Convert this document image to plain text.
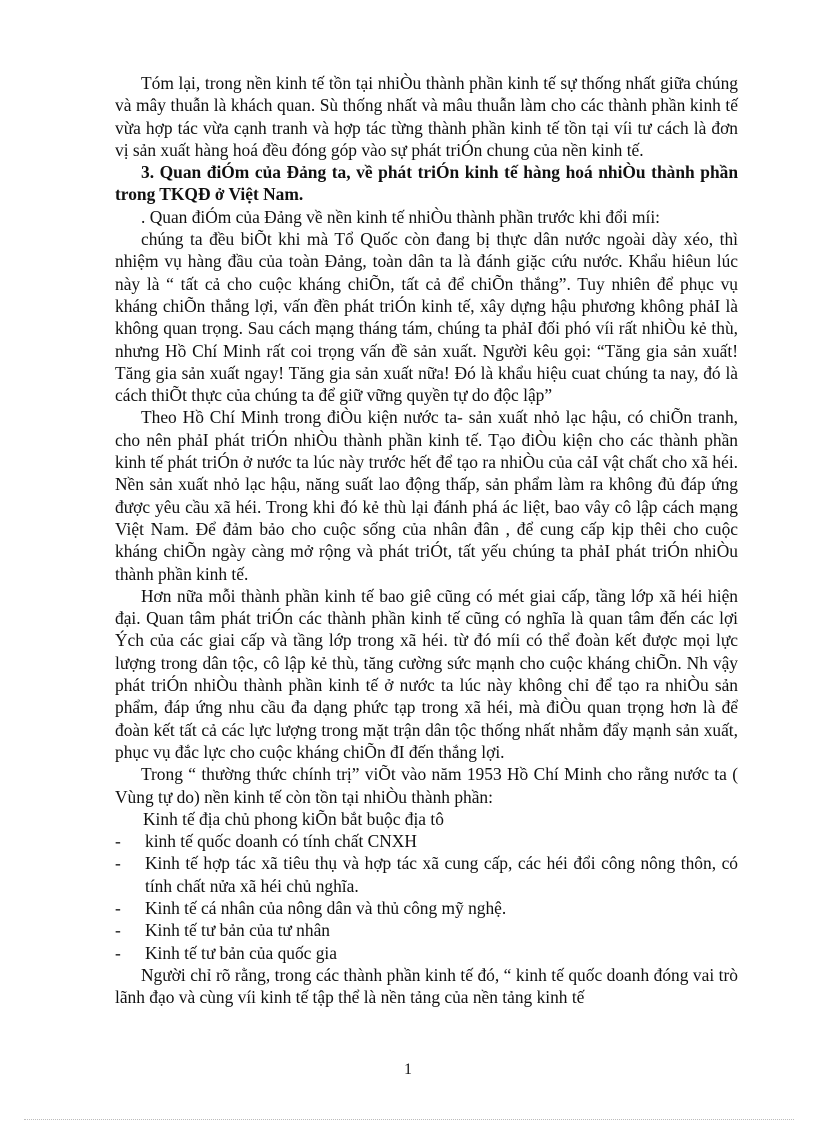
Tóm lại, trong nền kinh tế tồn tại nhiÒu thành phần kinh tế sự thống nhất giữa chúng và mây thuẫn là khách quan. Sù thống nhất và mâu thuẫn làm cho các thành phần kinh tế vừa hợp tác vừa cạnh tranh và hợp tác từng thành phần kinh tế tồn tại víi tư cách là đơn vị sản xuất hàng hoá đều đóng góp vào sự phát triÓn chung của nền kinh tế.

3. Quan điÓm của Đảng ta, về phát triÓn kinh tế hàng hoá nhiÒu thành phần trong TKQĐ ở Việt Nam.

. Quan điÓm của Đảng về nền kinh tế nhiÒu thành phần trước khi đổi míi:

chúng ta đều biÕt khi mà Tổ Quốc còn đang bị thực dân nước ngoài dày xéo, thì nhiệm vụ hàng đầu của toàn Đảng, toàn dân ta là đánh giặc cứu nước. Khẩu hiêun lúc này là “ tất cả cho cuộc kháng chiÕn, tất cả để chiÕn thắng”. Tuy nhiên để phục vụ kháng chiÕn thắng lợi, vấn đền phát triÓn kinh tế, xây dựng hậu phương không phảI là không quan trọng. Sau cách mạng tháng tám, chúng ta phảI đối phó víi rất nhiÒu kẻ thù, nhưng Hồ Chí Minh rất coi trọng vấn đề sản xuất. Người kêu gọi: “Tăng gia sản xuất! Tăng gia sản xuất ngay! Tăng gia sản xuất nữa! Đó là khẩu hiệu cuat chúng ta nay, đó là cách thiÕt thực của chúng ta để giữ vững quyền tự do độc lập”

Theo Hồ Chí Minh trong điÒu kiện nước ta- sản xuất nhỏ lạc hậu, có chiÕn tranh, cho nên phảI phát triÓn nhiÒu thành phần kinh tế. Tạo điÒu kiện cho các thành phần kinh tế phát triÓn ở nước ta lúc này trước hết để tạo ra nhiÒu của cảI vật chất cho xã héi. Nền sản xuất nhỏ lạc hậu, năng suất lao động thấp, sản phẩm làm ra không đủ đáp ứng được yêu cầu xã héi. Trong khi đó kẻ thù lại đánh phá ác liệt, bao vây cô lập cách mạng Việt Nam. Để đảm bảo cho cuộc sống của nhân đân , để cung cấp kịp thêi cho cuộc kháng chiÕn ngày càng mở rộng và phát triÓt, tất yếu chúng ta phảI phát triÓn nhiÒu thành phần kinh tế.

Hơn nữa mỗi thành phần kinh tế bao giê cũng có mét giai cấp, tầng lớp xã héi hiện đại. Quan tâm phát triÓn các thành phần kinh tế cũng có nghĩa là quan tâm đến các lợi Ých của các giai cấp và tầng lớp trong xã héi. từ đó míi có thể đoàn kết được mọi lực lượng trong dân tộc, cô lập kẻ thù, tăng cường sức mạnh cho cuộc kháng chiÕn. Nh vậy phát triÓn nhiÒu thành phần kinh tế ở nước ta lúc này không chỉ để tạo ra nhiÒu sản phẩm, đáp ứng nhu cầu đa dạng phức tạp trong xã héi, mà điÒu quan trọng hơn là để đoàn kết tất cả các lực lượng trong mặt trận dân tộc thống nhất nhằm đẩy mạnh sản xuất, phục vụ đắc lực cho cuộc kháng chiÕn đI đến thắng lợi.

Trong “ thường thức chính trị” viÕt vào năm 1953 Hồ Chí Minh cho rằng nước ta ( Vùng tự do) nền kinh tế còn tồn tại nhiÒu thành phần:

Kinh tế địa chủ phong kiÕn bắt buộc địa tô

-	kinh tế quốc doanh có tính chất CNXH
-	Kinh tế hợp tác xã tiêu thụ và hợp tác xã cung cấp, các héi đổi công nông thôn, có tính chất nửa xã héi chủ nghĩa.
-	Kinh tế cá nhân của nông dân và thủ công mỹ nghệ.
-	Kinh tế tư bản của tư nhân
-	Kinh tế tư bản của quốc gia

Người chỉ rõ rằng, trong các thành phần kinh tế đó, “ kinh tế quốc doanh đóng vai trò lãnh đạo và cùng víi kinh tế tập thể là nền tảng của nền tảng kinh tế

1
